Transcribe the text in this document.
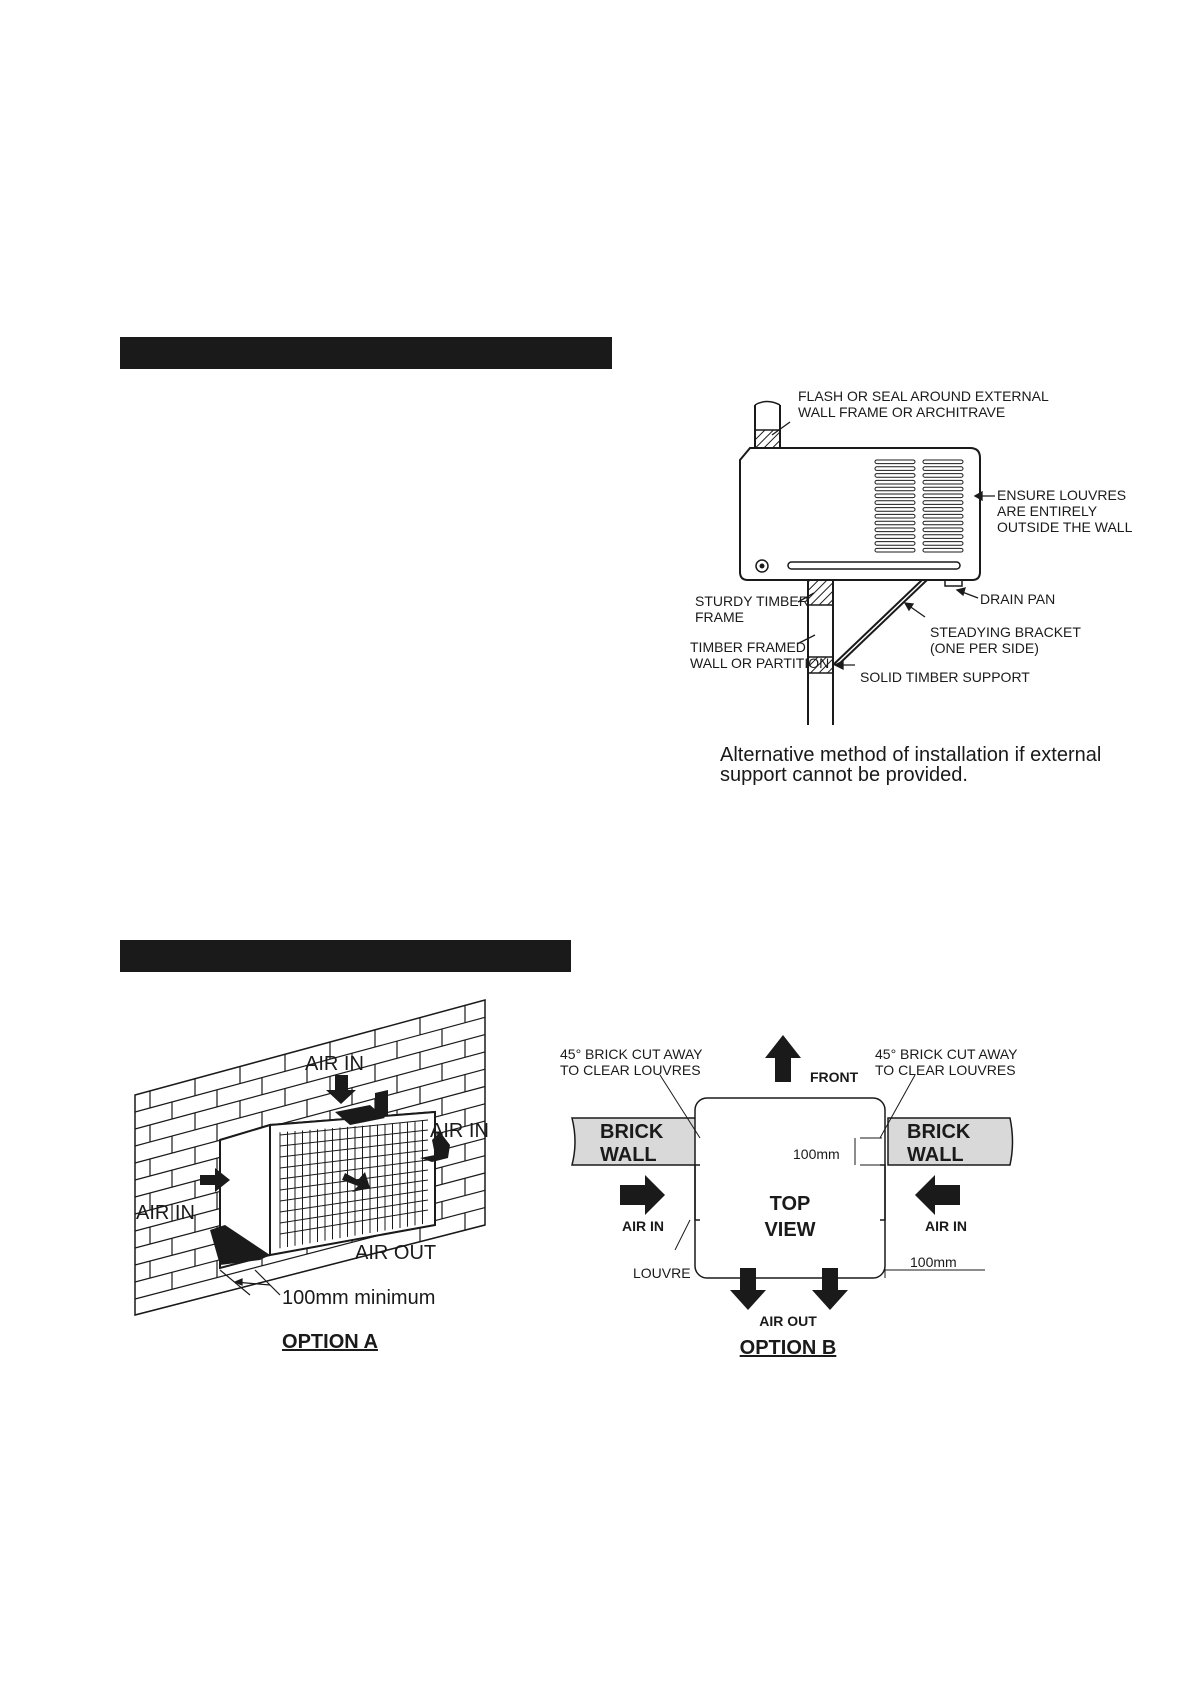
FLASH OR SEAL AROUND EXTERNAL
WALL FRAME OR ARCHITRAVE
ENSURE LOUVRES
ARE ENTIRELY
OUTSIDE THE WALL
DRAIN PAN
STURDY TIMBER
FRAME
STEADYING BRACKET
(ONE PER SIDE)
TIMBER FRAMED
WALL OR PARTITION
SOLID TIMBER SUPPORT
Alternative method of installation if external
support cannot be provided.
AIR IN
AIR IN
AIR IN
AIR OUT
100mm minimum
OPTION A
45° BRICK CUT AWAY
TO CLEAR LOUVRES
45° BRICK CUT AWAY
TO CLEAR LOUVRES
FRONT
BRICK
WALL
BRICK
WALL
100mm
TOP
VIEW
AIR IN	AIR IN
100mm
LOUVRE
AIR OUT
OPTION B
